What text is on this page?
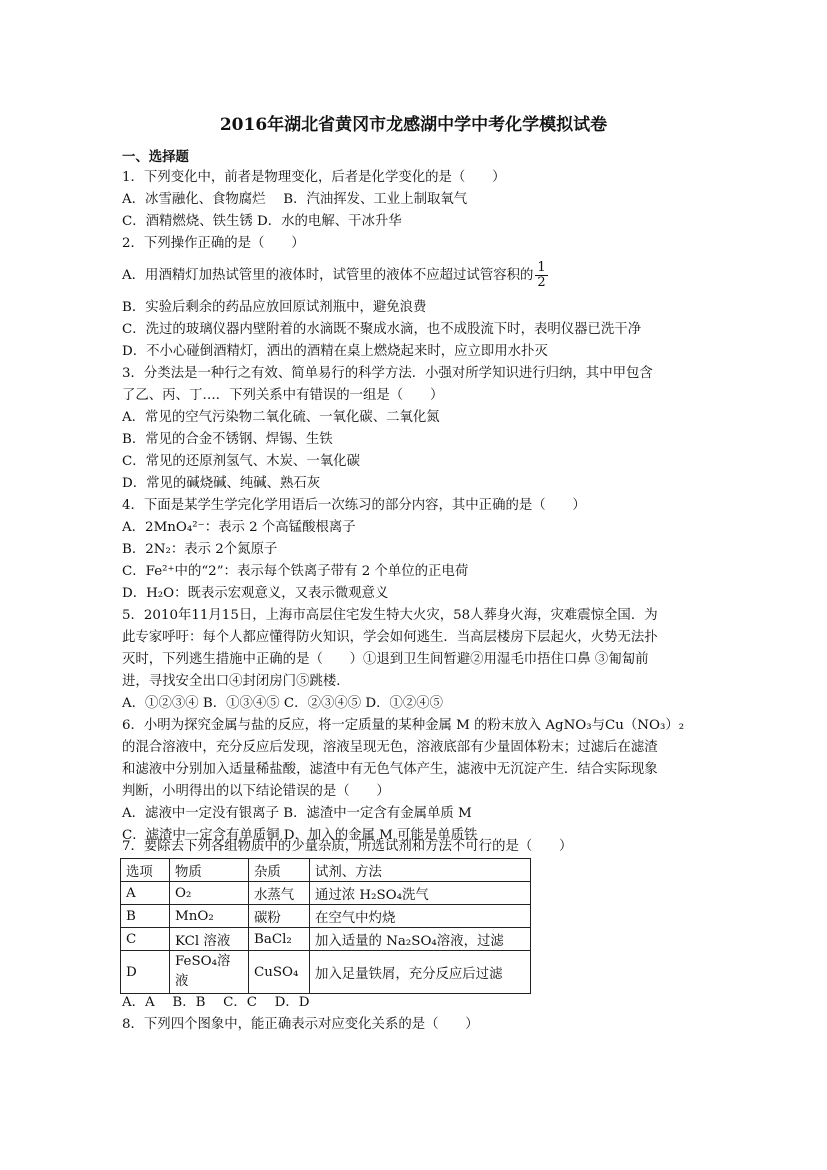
2016年湖北省黄冈市龙感湖中学中考化学模拟试卷
一、选择题
1．下列变化中，前者是物理变化，后者是化学变化的是（　　）
A．冰雪融化、食物腐烂　 B．汽油挥发、工业上制取氧气
C．酒精燃烧、铁生锈 D．水的电解、干冰升华
2．下列操作正确的是（　　）
B．实验后剩余的药品应放回原试剂瓶中，避免浪费
C．洗过的玻璃仪器内壁附着的水滴既不聚成水滴，也不成股流下时，表明仪器已洗干净
D．不小心碰倒酒精灯，洒出的酒精在桌上燃烧起来时，应立即用水扑灭
3．分类法是一种行之有效、简单易行的科学方法．小强对所学知识进行归纳，其中甲包含
了乙、丙、丁…．下列关系中有错误的一组是（　　）
A．常见的空气污染物二氧化硫、一氧化碳、二氧化氮
B．常见的合金不锈钢、焊锡、生铁
C．常见的还原剂氢气、木炭、一氧化碳
D．常见的碱烧碱、纯碱、熟石灰
4．下面是某学生学完化学用语后一次练习的部分内容，其中正确的是（　　）
A．2MnO₄²⁻：表示 2 个高锰酸根离子
B．2N₂：表示 2个氮原子
C．Fe²⁺中的“2”：表示每个铁离子带有 2 个单位的正电荷
D．H₂O：既表示宏观意义，又表示微观意义
5．2010年11月15日，上海市高层住宅发生特大火灾，58人葬身火海，灾难震惊全国．为
此专家呼吁：每个人都应懂得防火知识，学会如何逃生．当高层楼房下层起火，火势无法扑
灭时，下列逃生措施中正确的是（　　）①退到卫生间暂避②用湿毛巾捂住口鼻 ③匍匐前
进，寻找安全出口④封闭房门⑤跳楼．
A．①②③④ B．①③④⑤ C．②③④⑤ D．①②④⑤
6．小明为探究金属与盐的反应，将一定质量的某种金属 M 的粉末放入 AgNO₃与Cu（NO₃）₂
的混合溶液中，充分反应后发现，溶液呈现无色，溶液底部有少量固体粉末；过滤后在滤渣
和滤液中分别加入适量稀盐酸，滤渣中有无色气体产生，滤液中无沉淀产生．结合实际现象
判断，小明得出的以下结论错误的是（　　）
A．滤液中一定没有银离子 B．滤渣中一定含有金属单质 M
C．滤渣中一定含有单质铜 D．加入的金属 M 可能是单质铁
7．要除去下列各组物质中的少量杂质，所选试剂和方法不可行的是（　　）
A．A　 B．B　 C．C　 D．D
8．下列四个图象中，能正确表示对应变化关系的是（　　）
A．用酒精灯加热试管里的液体时，试管里的液体不应超过试管容积的 $\frac{1}{2}$
选项	物质	杂质	试剂、方法
A	O₂	水蒸气	通过浓 H₂SO₄洗气
B	MnO₂	碳粉	在空气中灼烧
C	KCl 溶液	BaCl₂	加入适量的 Na₂SO₄溶液，过滤
D	FeSO₄溶液	CuSO₄	加入足量铁屑，充分反应后过滤
